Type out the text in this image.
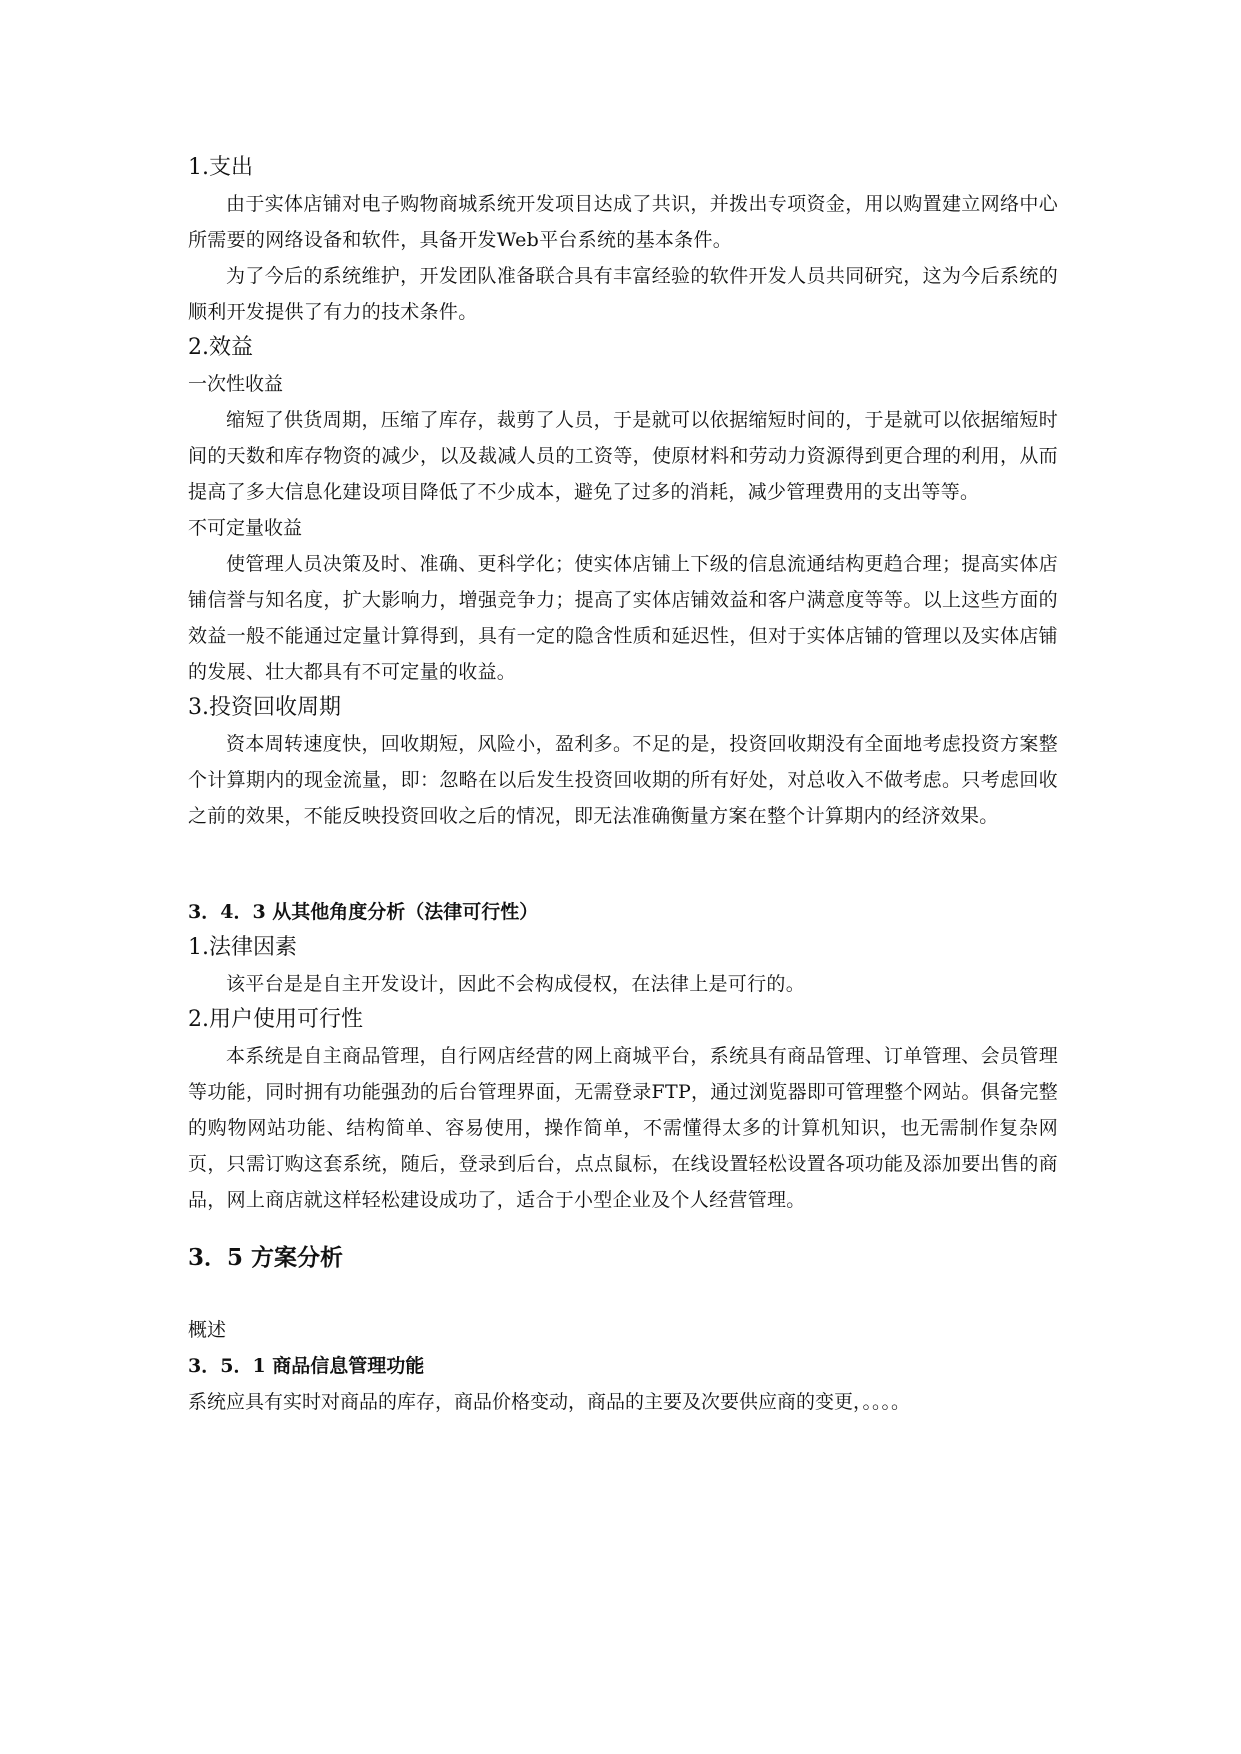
1.支出

由于实体店铺对电子购物商城系统开发项目达成了共识，并拨出专项资金，用以购置建立网络中心所需要的网络设备和软件，具备开发Web平台系统的基本条件。

为了今后的系统维护，开发团队准备联合具有丰富经验的软件开发人员共同研究，这为今后系统的顺利开发提供了有力的技术条件。

2.效益

一次性收益

缩短了供货周期，压缩了库存，裁剪了人员，于是就可以依据缩短时间的，于是就可以依据缩短时间的天数和库存物资的减少，以及裁减人员的工资等，使原材料和劳动力资源得到更合理的利用，从而提高了多大信息化建设项目降低了不少成本，避免了过多的消耗，减少管理费用的支出等等。

不可定量收益

使管理人员决策及时、准确、更科学化；使实体店铺上下级的信息流通结构更趋合理；提高实体店铺信誉与知名度，扩大影响力，增强竞争力；提高了实体店铺效益和客户满意度等等。以上这些方面的效益一般不能通过定量计算得到，具有一定的隐含性质和延迟性，但对于实体店铺的管理以及实体店铺的发展、壮大都具有不可定量的收益。

3.投资回收周期

资本周转速度快，回收期短，风险小，盈利多。不足的是，投资回收期没有全面地考虑投资方案整个计算期内的现金流量，即：忽略在以后发生投资回收期的所有好处，对总收入不做考虑。只考虑回收之前的效果，不能反映投资回收之后的情况，即无法准确衡量方案在整个计算期内的经济效果。

3．4．3 从其他角度分析（法律可行性）

1.法律因素

该平台是是自主开发设计，因此不会构成侵权，在法律上是可行的。

2.用户使用可行性

本系统是自主商品管理，自行网店经营的网上商城平台，系统具有商品管理、订单管理、会员管理等功能，同时拥有功能强劲的后台管理界面，无需登录FTP，通过浏览器即可管理整个网站。俱备完整的购物网站功能、结构简单、容易使用，操作简单，不需懂得太多的计算机知识，也无需制作复杂网页，只需订购这套系统，随后，登录到后台，点点鼠标，在线设置轻松设置各项功能及添加要出售的商品，网上商店就这样轻松建设成功了，适合于小型企业及个人经营管理。

3．5 方案分析

概述

3．5．1 商品信息管理功能

系统应具有实时对商品的库存，商品价格变动，商品的主要及次要供应商的变更，。。。。
